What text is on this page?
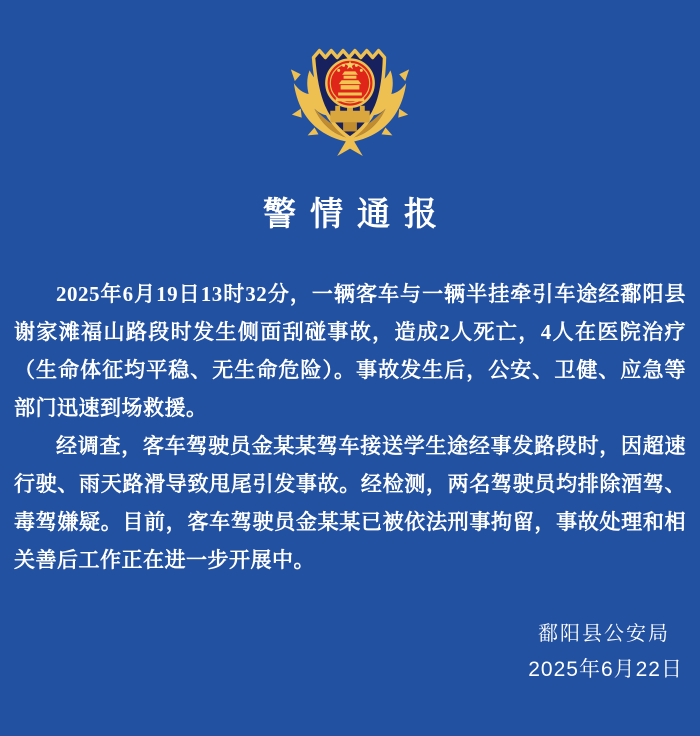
警情通报

2025年6月19日13时32分，一辆客车与一辆半挂牵引车途经鄱阳县谢家滩福山路段时发生侧面刮碰事故，造成2人死亡，4人在医院治疗（生命体征均平稳、无生命危险）。事故发生后，公安、卫健、应急等部门迅速到场救援。

经调查，客车驾驶员金某某驾车接送学生途经事发路段时，因超速行驶、雨天路滑导致甩尾引发事故。经检测，两名驾驶员均排除酒驾、毒驾嫌疑。目前，客车驾驶员金某某已被依法刑事拘留，事故处理和相关善后工作正在进一步开展中。

鄱阳县公安局
2025年6月22日
